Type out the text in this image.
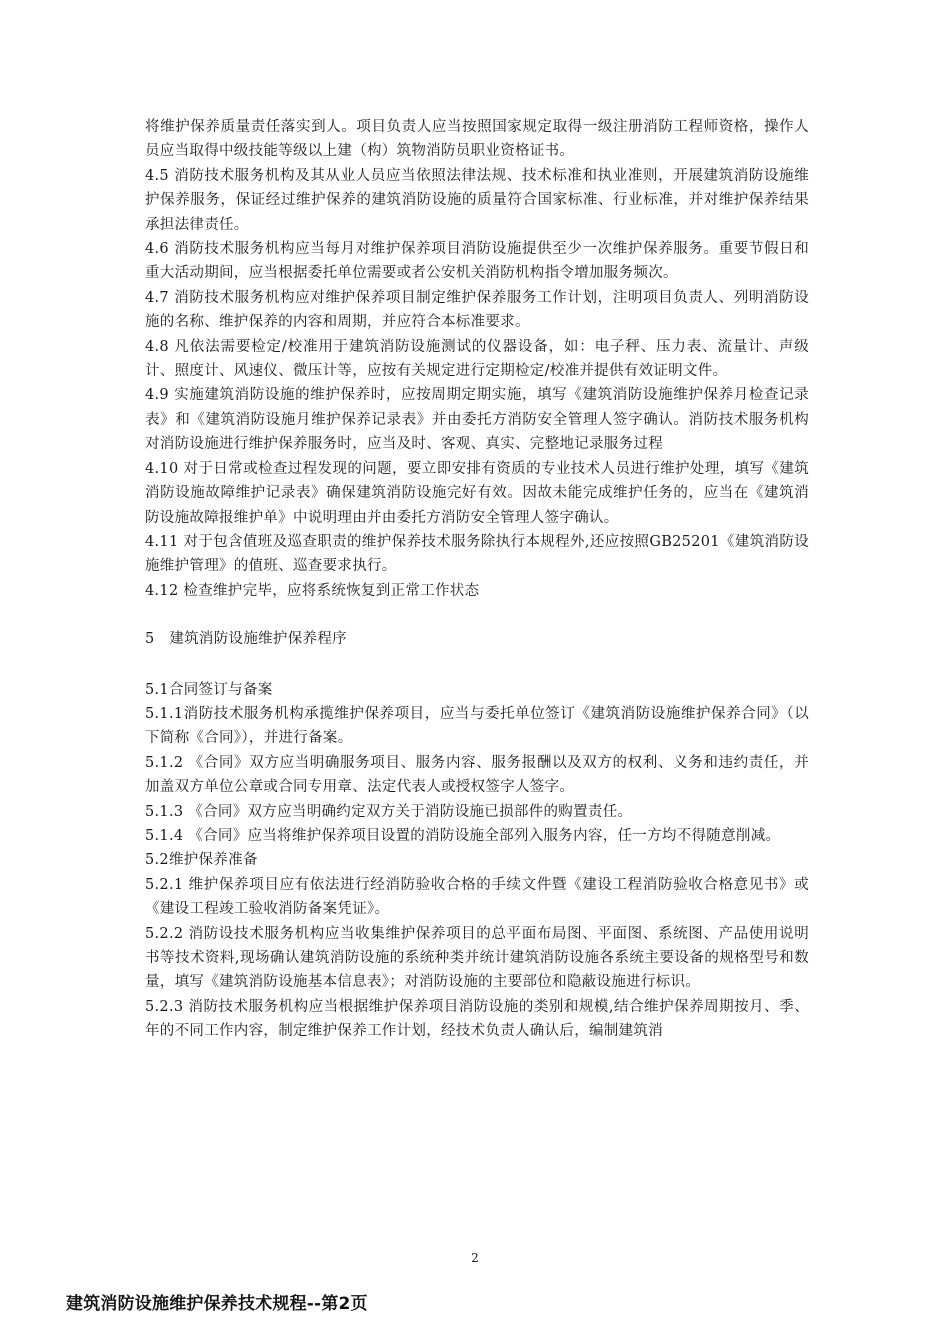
将维护保养质量责任落实到人。项目负责人应当按照国家规定取得一级注册消防工程师资格，操作人员应当取得中级技能等级以上建（构）筑物消防员职业资格证书。

4.5 消防技术服务机构及其从业人员应当依照法律法规、技术标准和执业准则，开展建筑消防设施维护保养服务，保证经过维护保养的建筑消防设施的质量符合国家标准、行业标准，并对维护保养结果承担法律责任。

4.6 消防技术服务机构应当每月对维护保养项目消防设施提供至少一次维护保养服务。重要节假日和重大活动期间，应当根据委托单位需要或者公安机关消防机构指令增加服务频次。

4.7 消防技术服务机构应对维护保养项目制定维护保养服务工作计划，注明项目负责人、列明消防设施的名称、维护保养的内容和周期，并应符合本标准要求。

4.8 凡依法需要检定/校准用于建筑消防设施测试的仪器设备，如：电子秤、压力表、流量计、声级计、照度计、风速仪、微压计等，应按有关规定进行定期检定/校准并提供有效证明文件。

4.9 实施建筑消防设施的维护保养时，应按周期定期实施，填写《建筑消防设施维护保养月检查记录表》和《建筑消防设施月维护保养记录表》并由委托方消防安全管理人签字确认。消防技术服务机构对消防设施进行维护保养服务时，应当及时、客观、真实、完整地记录服务过程

4.10 对于日常或检查过程发现的问题，要立即安排有资质的专业技术人员进行维护处理，填写《建筑消防设施故障维护记录表》确保建筑消防设施完好有效。因故未能完成维护任务的，应当在《建筑消防设施故障报维护单》中说明理由并由委托方消防安全管理人签字确认。

4.11 对于包含值班及巡查职责的维护保养技术服务除执行本规程外,还应按照GB25201《建筑消防设施维护管理》的值班、巡查要求执行。

4.12 检查维护完毕，应将系统恢复到正常工作状态

5　建筑消防设施维护保养程序

5.1合同签订与备案

5.1.1消防技术服务机构承揽维护保养项目，应当与委托单位签订《建筑消防设施维护保养合同》（以下简称《合同》），并进行备案。

5.1.2 《合同》双方应当明确服务项目、服务内容、服务报酬以及双方的权利、义务和违约责任，并加盖双方单位公章或合同专用章、法定代表人或授权签字人签字。

5.1.3 《合同》双方应当明确约定双方关于消防设施已损部件的购置责任。

5.1.4 《合同》应当将维护保养项目设置的消防设施全部列入服务内容，任一方均不得随意削减。

5.2维护保养准备

5.2.1 维护保养项目应有依法进行经消防验收合格的手续文件暨《建设工程消防验收合格意见书》或《建设工程竣工验收消防备案凭证》。

5.2.2 消防设技术服务机构应当收集维护保养项目的总平面布局图、平面图、系统图、产品使用说明书等技术资料,现场确认建筑消防设施的系统种类并统计建筑消防设施各系统主要设备的规格型号和数量，填写《建筑消防设施基本信息表》；对消防设施的主要部位和隐蔽设施进行标识。

5.2.3 消防技术服务机构应当根据维护保养项目消防设施的类别和规模,结合维护保养周期按月、季、年的不同工作内容，制定维护保养工作计划，经技术负责人确认后，编制建筑消

2
建筑消防设施维护保养技术规程--第2页
